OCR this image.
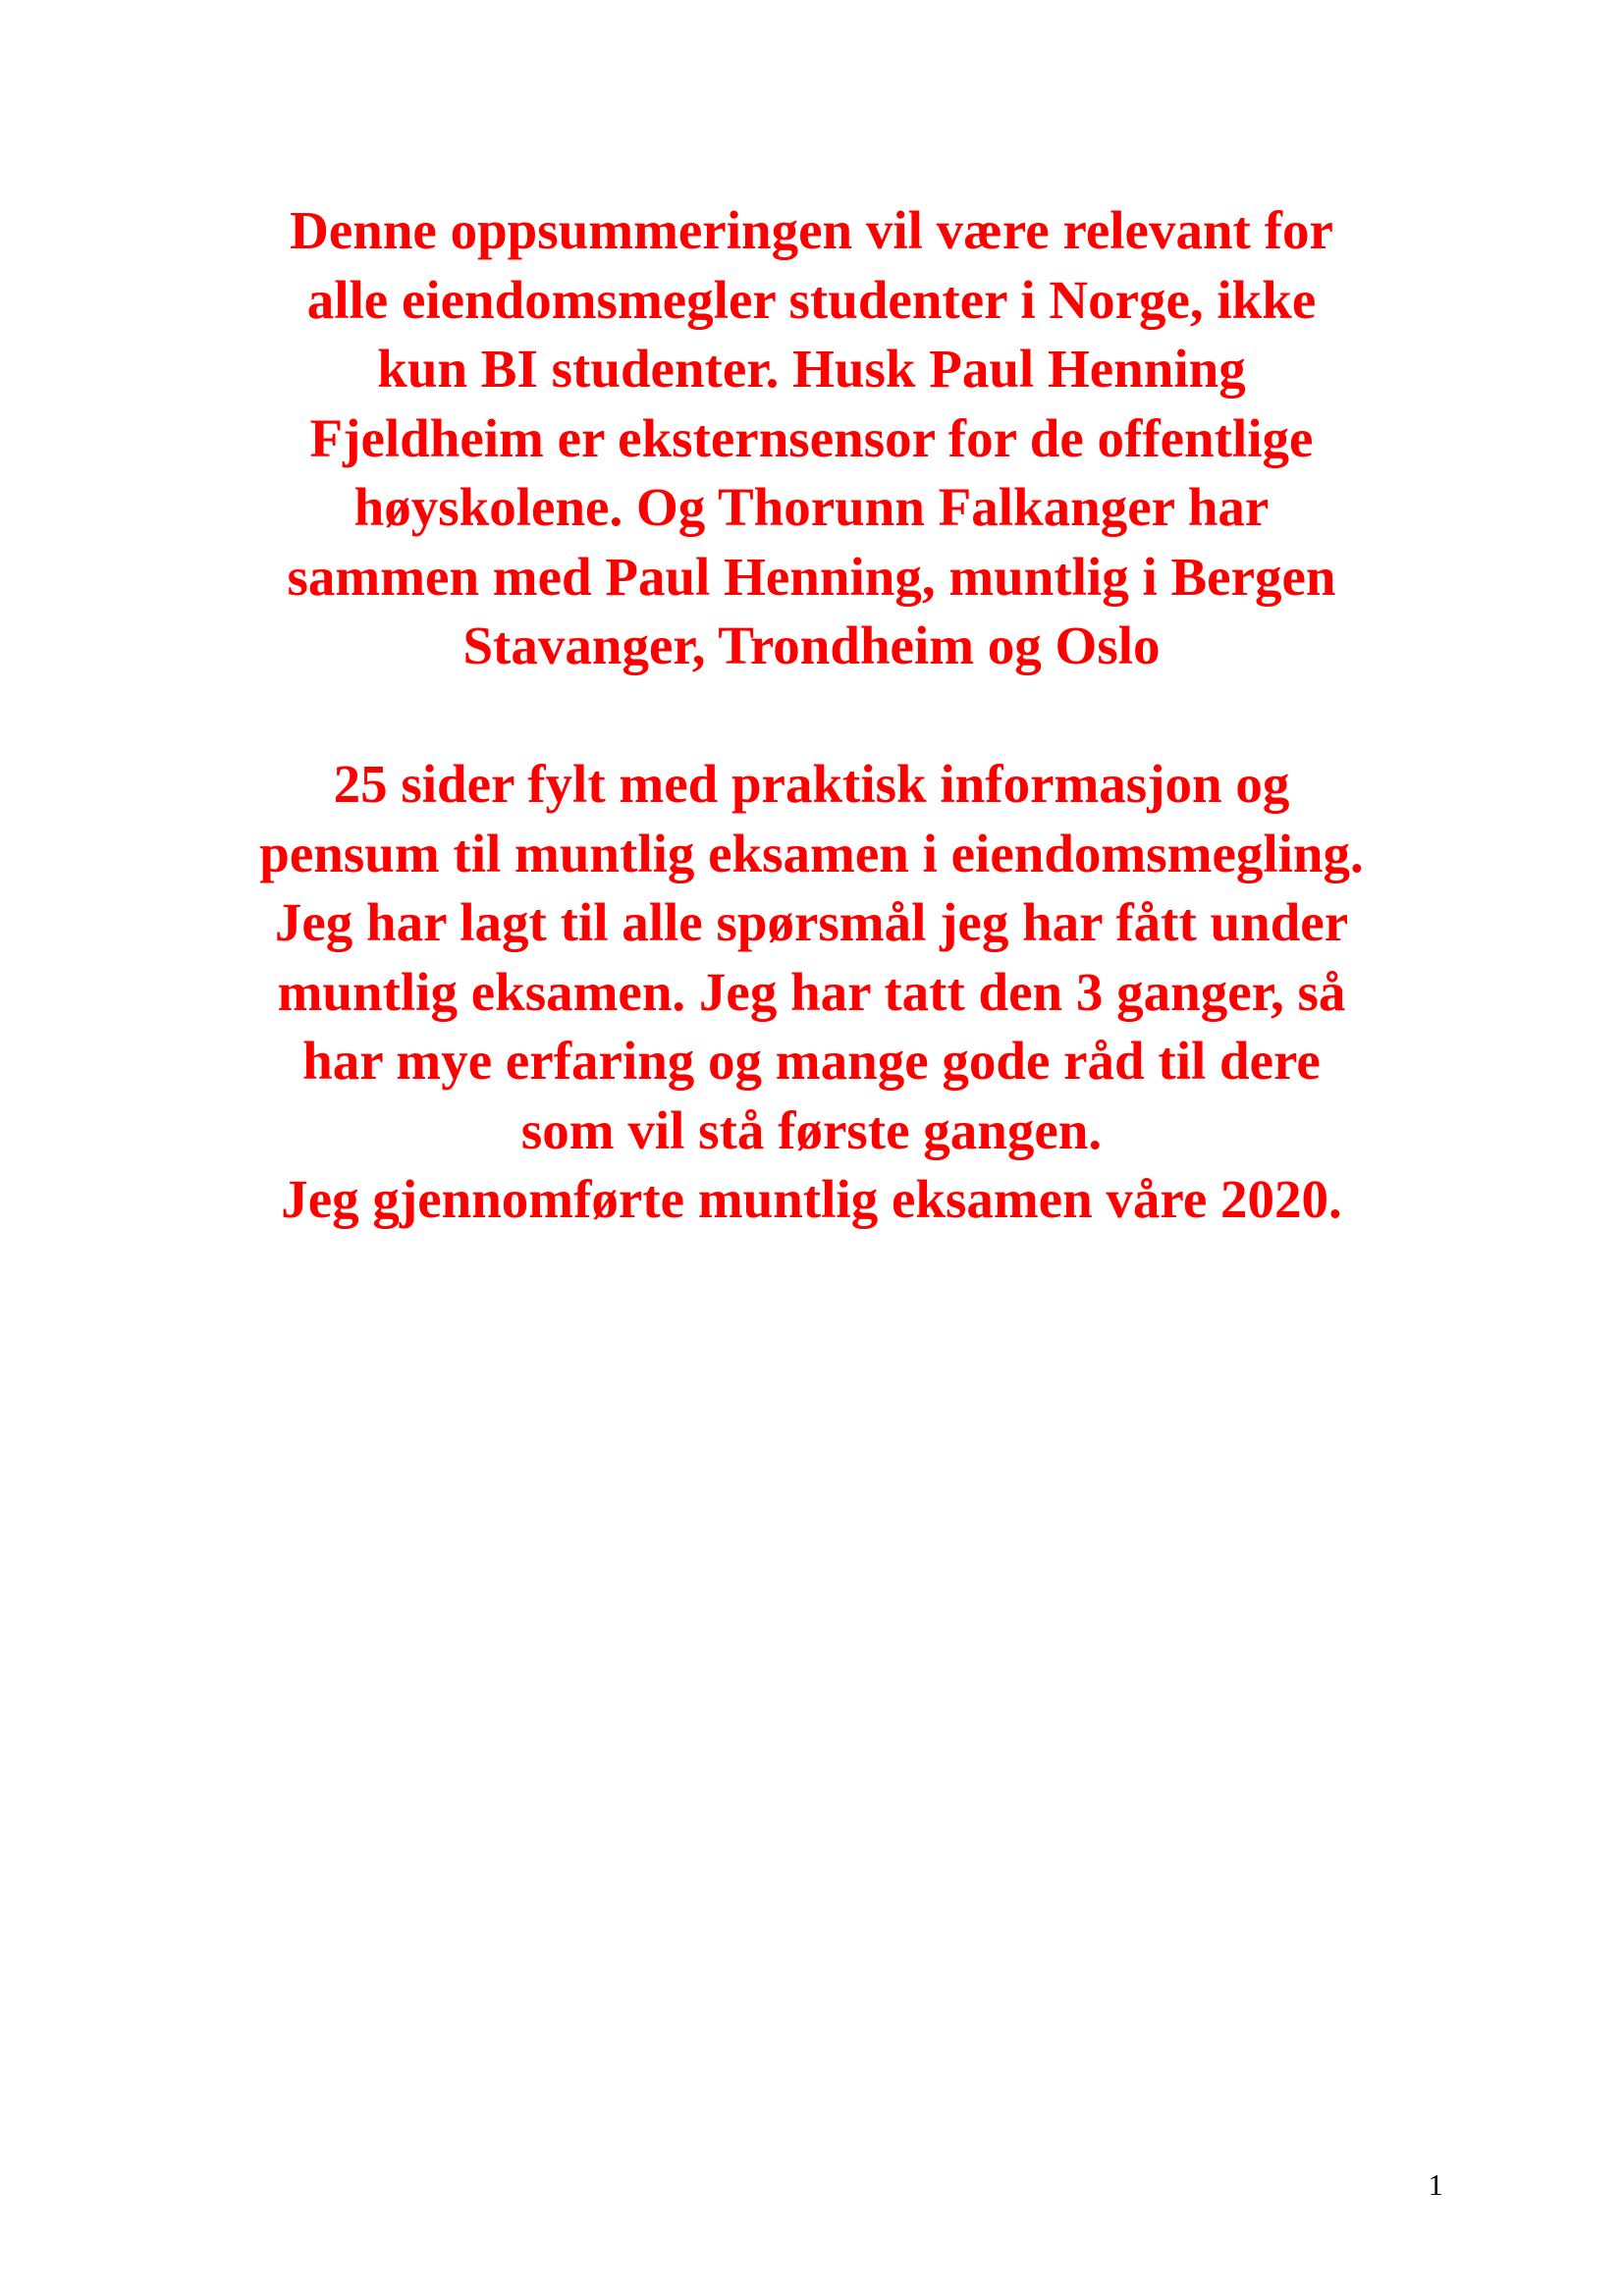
Denne oppsummeringen vil være relevant for
alle eiendomsmegler studenter i Norge, ikke
kun BI studenter. Husk Paul Henning
Fjeldheim er eksternsensor for de offentlige
høyskolene. Og Thorunn Falkanger har
sammen med Paul Henning, muntlig i Bergen
Stavanger, Trondheim og Oslo

25 sider fylt med praktisk informasjon og
pensum til muntlig eksamen i eiendomsmegling.
Jeg har lagt til alle spørsmål jeg har fått under
muntlig eksamen. Jeg har tatt den 3 ganger, så
har mye erfaring og mange gode råd til dere
som vil stå første gangen.
Jeg gjennomførte muntlig eksamen våre 2020.

1
